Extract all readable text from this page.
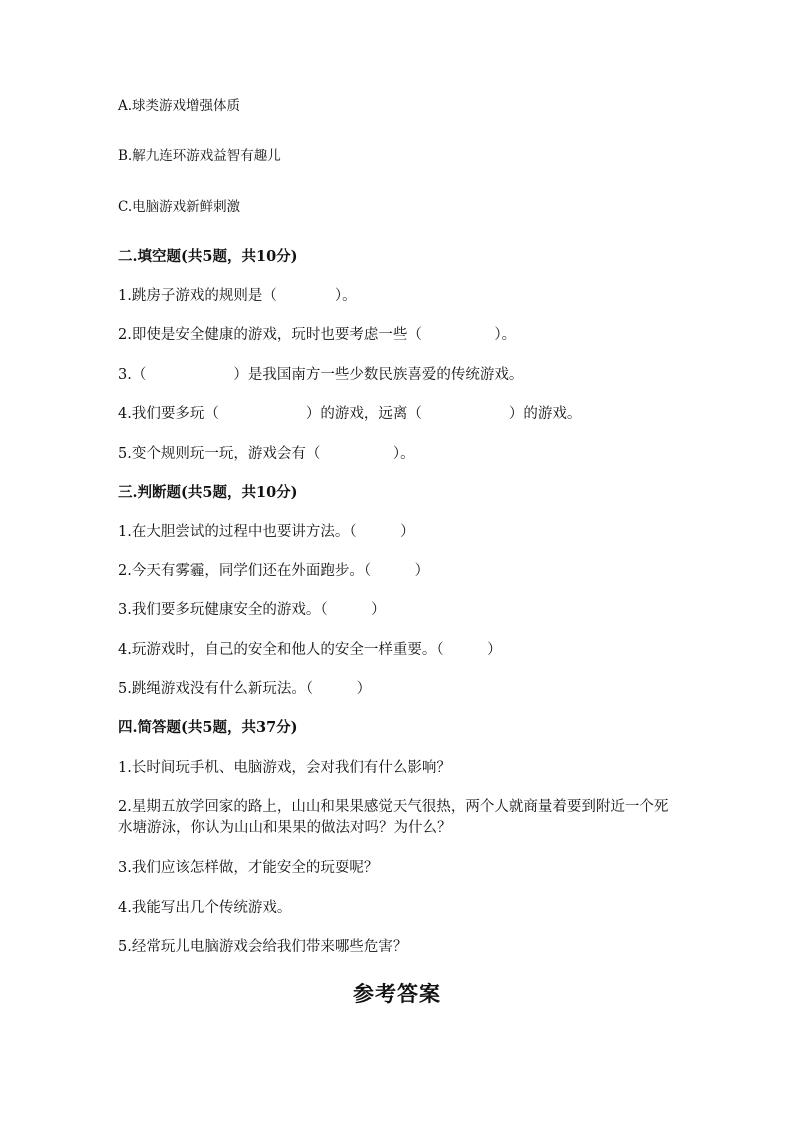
A.球类游戏增强体质
B.解九连环游戏益智有趣儿
C.电脑游戏新鲜刺激
二.填空题(共5题，共10分)
1.跳房子游戏的规则是（　　　　）。
2.即使是安全健康的游戏，玩时也要考虑一些（　　　　　）。
3.（　　　　　　）是我国南方一些少数民族喜爱的传统游戏。
4.我们要多玩（　　　　　　）的游戏，远离（　　　　　　）的游戏。
5.变个规则玩一玩，游戏会有（　　　　　）。
三.判断题(共5题，共10分)
1.在大胆尝试的过程中也要讲方法。（　　　）
2.今天有雾霾，同学们还在外面跑步。（　　　）
3.我们要多玩健康安全的游戏。（　　　）
4.玩游戏时，自己的安全和他人的安全一样重要。（　　　）
5.跳绳游戏没有什么新玩法。（　　　）
四.简答题(共5题，共37分)
1.长时间玩手机、电脑游戏，会对我们有什么影响？
2.星期五放学回家的路上，山山和果果感觉天气很热，两个人就商量着要到附近一个死水塘游泳，你认为山山和果果的做法对吗？为什么？
3.我们应该怎样做，才能安全的玩耍呢？
4.我能写出几个传统游戏。
5.经常玩儿电脑游戏会给我们带来哪些危害？
参考答案
